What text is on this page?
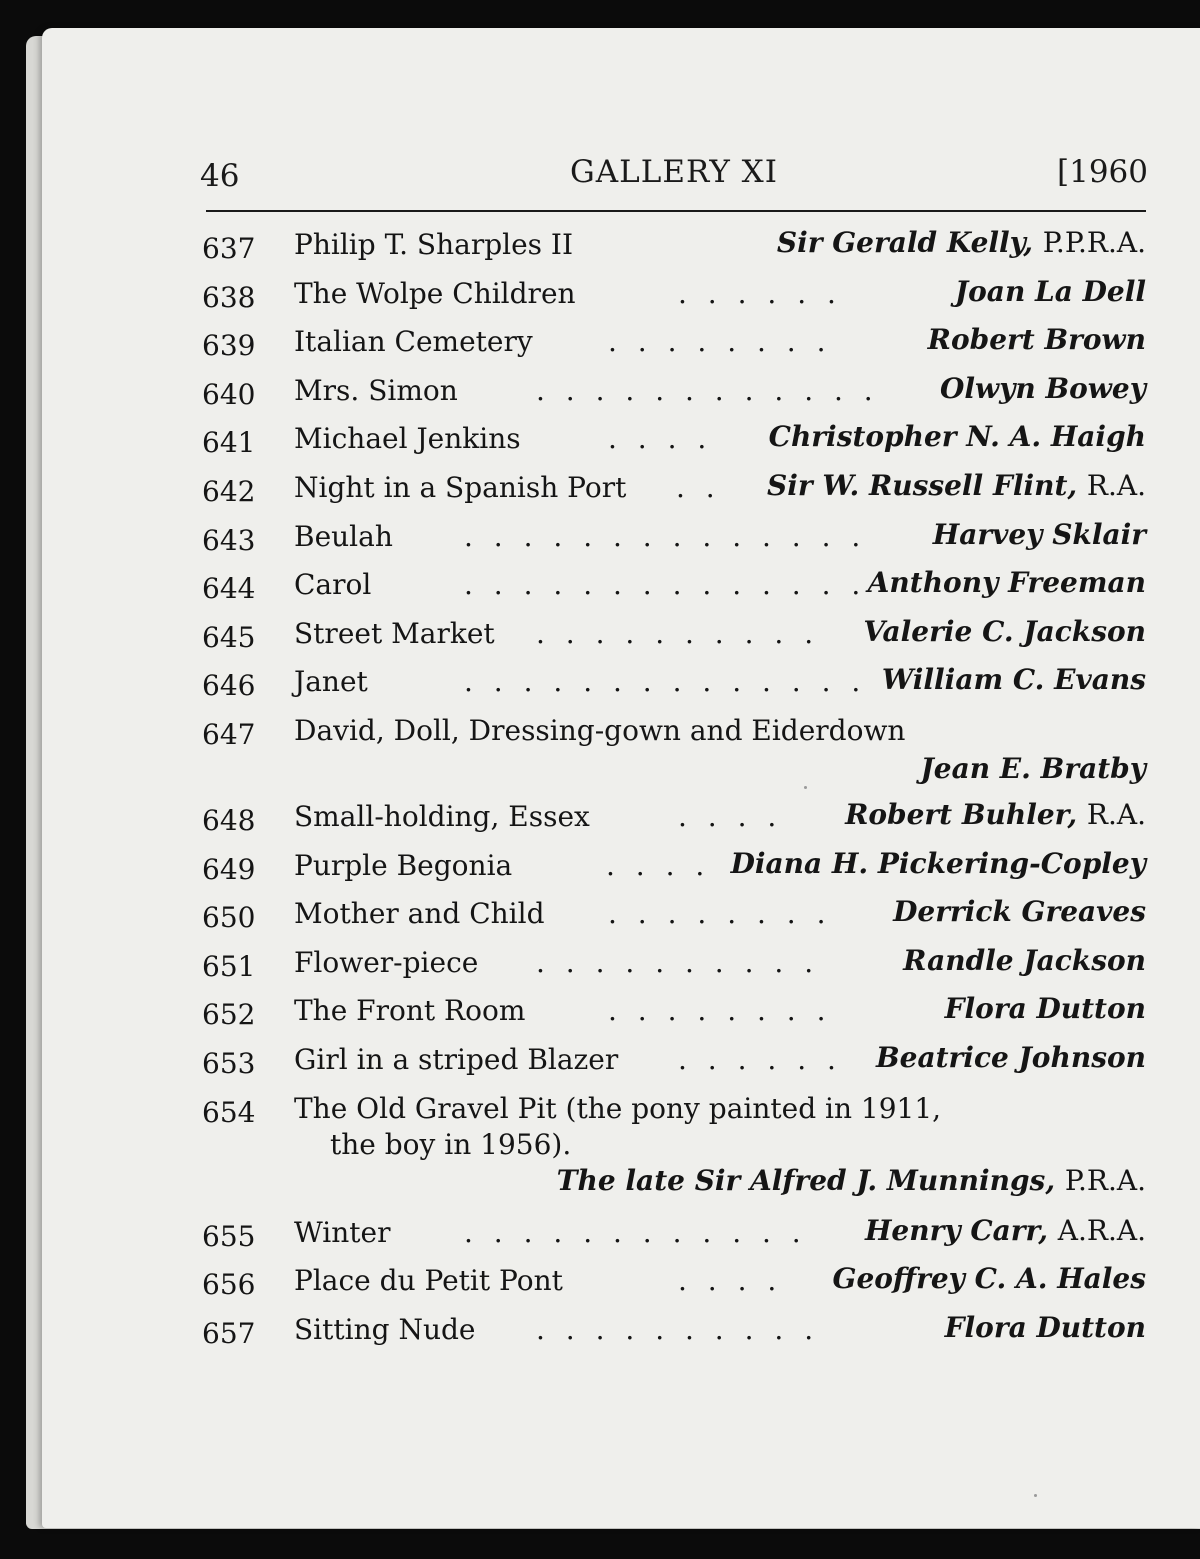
46	GALLERY XI	[1960
637 Philip T. Sharples II	Sir Gerald Kelly, P.P.R.A.
638 The Wolpe Children	. . . . . .	Joan La Dell
639 Italian Cemetery	. . . . . . . .	Robert Brown
640 Mrs. Simon	. . . . . . . . . . . . Olwyn Bowey
641 Michael Jenkins	. . . . Christopher N. A. Haigh
642 Night in a Spanish Port . . Sir W. Russell Flint, R.A.
643 Beulah	. . . . . . . . . . . . . . Harvey Sklair
644 Carol	. . . . . . . . . . . . . . Anthony Freeman
645 Street Market . . . . . . . . . . Valerie C. Jackson
646 Janet	. . . . . . . . . . . . . . William C. Evans
647 David, Doll, Dressing-gown and Eiderdown
Jean E. Bratby
648 Small-holding, Essex	. . . . Robert Buhler, R.A.
649 Purple Begonia	. . . . Diana H. Pickering-Copley
650 Mother and Child . . . . . . . . Derrick Greaves
651 Flower-piece . . . . . . . . . .	Randle Jackson
652 The Front Room	. . . . . . . .	Flora Dutton
653 Girl in a striped Blazer . . . . . . Beatrice Johnson
654 The Old Gravel Pit (the pony painted in 1911,
the boy in 1956).
The late Sir Alfred J. Munnings, P.R.A.
655 Winter	. . . . . . . . . . . . Henry Carr, A.R.A.
656 Place du Petit Pont	. . . . Geoffrey C. A. Hales
657 Sitting Nude . . . . . . . . . .	Flora Dutton
